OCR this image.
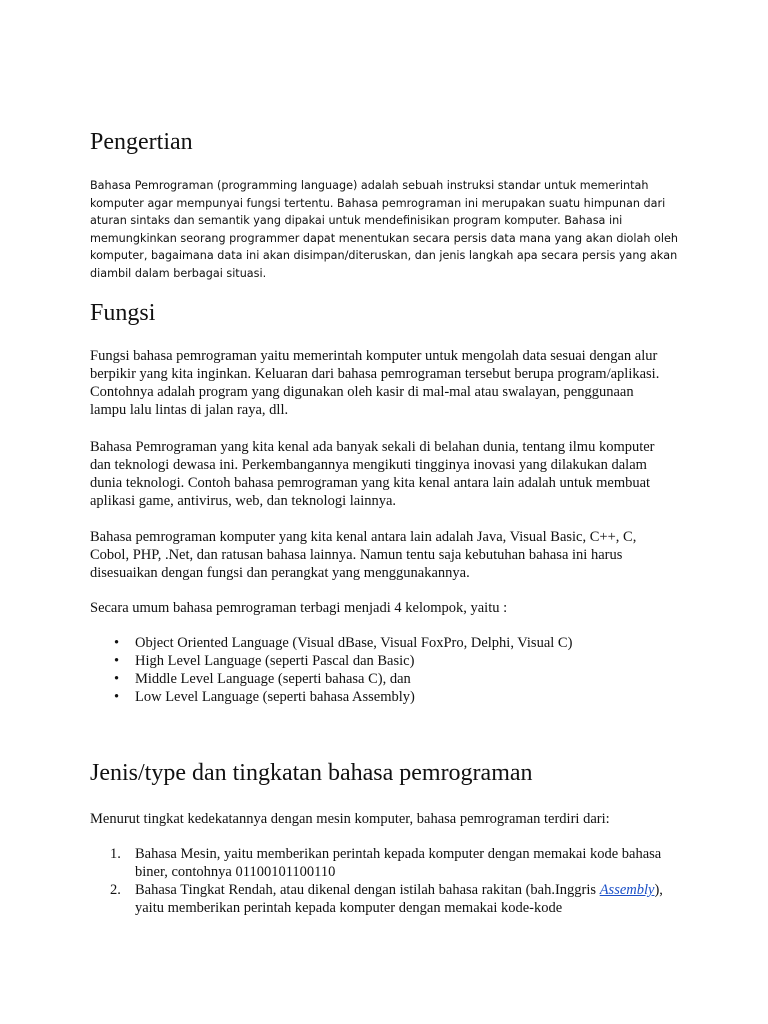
Pengertian

Bahasa Pemrograman (programming language) adalah sebuah instruksi standar untuk memerintah komputer agar mempunyai fungsi tertentu. Bahasa pemrograman ini merupakan suatu himpunan dari aturan sintaks dan semantik yang dipakai untuk mendefinisikan program komputer. Bahasa ini memungkinkan seorang programmer dapat menentukan secara persis data mana yang akan diolah oleh komputer, bagaimana data ini akan disimpan/diteruskan, dan jenis langkah apa secara persis yang akan diambil dalam berbagai situasi.

Fungsi

Fungsi bahasa pemrograman yaitu memerintah komputer untuk mengolah data sesuai dengan alur berpikir yang kita inginkan. Keluaran dari bahasa pemrograman tersebut berupa program/aplikasi. Contohnya adalah program yang digunakan oleh kasir di mal-mal atau swalayan, penggunaan lampu lalu lintas di jalan raya, dll.

Bahasa Pemrograman yang kita kenal ada banyak sekali di belahan dunia, tentang ilmu komputer dan teknologi dewasa ini. Perkembangannya mengikuti tingginya inovasi yang dilakukan dalam dunia teknologi. Contoh bahasa pemrograman yang kita kenal antara lain adalah untuk membuat aplikasi game, antivirus, web, dan teknologi lainnya.

Bahasa pemrograman komputer yang kita kenal antara lain adalah Java, Visual Basic, C++, C, Cobol, PHP, .Net, dan ratusan bahasa lainnya. Namun tentu saja kebutuhan bahasa ini harus disesuaikan dengan fungsi dan perangkat yang menggunakannya.

Secara umum bahasa pemrograman terbagi menjadi 4 kelompok, yaitu :

• Object Oriented Language (Visual dBase, Visual FoxPro, Delphi, Visual C)
• High Level Language (seperti Pascal dan Basic)
• Middle Level Language (seperti bahasa C), dan
• Low Level Language (seperti bahasa Assembly)
Jenis/type dan tingkatan bahasa pemrograman

Menurut tingkat kedekatannya dengan mesin komputer, bahasa pemrograman terdiri dari:

1. Bahasa Mesin, yaitu memberikan perintah kepada komputer dengan memakai kode bahasa biner, contohnya 01100101100110
2. Bahasa Tingkat Rendah, atau dikenal dengan istilah bahasa rakitan (bah.Inggris Assembly), yaitu memberikan perintah kepada komputer dengan memakai kode-kode
